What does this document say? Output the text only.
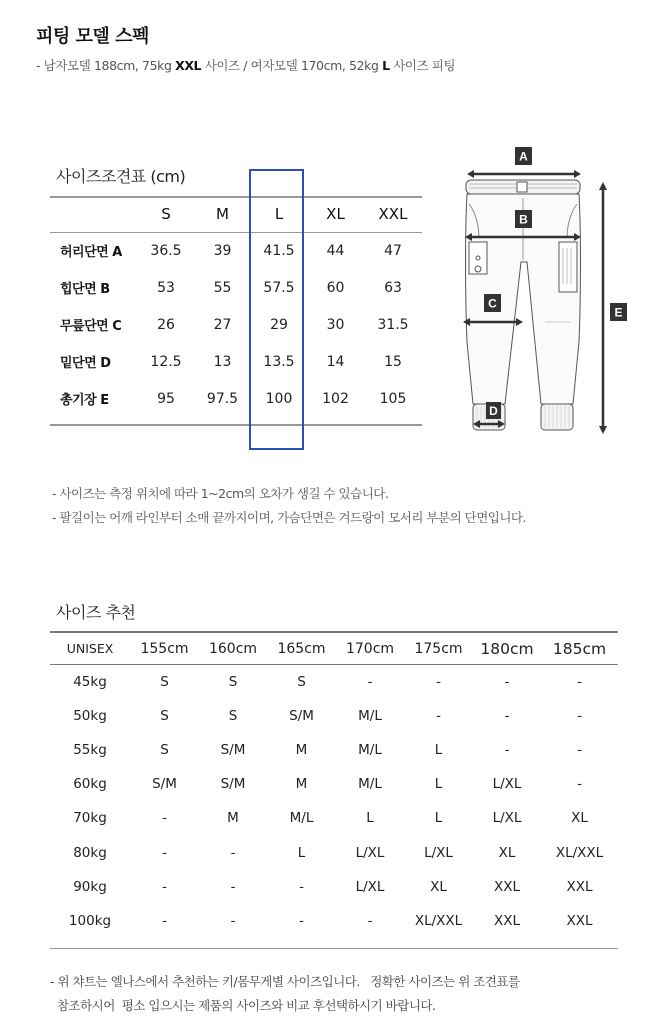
피팅 모델 스펙
- 남자모델 188cm, 75kg XXL 사이즈 / 여자모델 170cm, 52kg L 사이즈 피팅
사이즈조견표 (cm)
	S	M	L	XL	XXL
허리단면 A	36.5	39	41.5	44	47
힙단면 B	53	55	57.5	60	63
무릎단면 C	26	27	29	30	31.5
밑단면 D	12.5	13	13.5	14	15
총기장 E	95	97.5	100	102	105
A
B
C
D
E
- 사이즈는 측정 위치에 따라 1~2cm의 오차가 생길 수 있습니다.
- 팔길이는 어깨 라인부터 소매 끝까지이며, 가슴단면은 겨드랑이 모서리 부분의 단면입니다.
사이즈 추천
UNISEX	155cm	160cm	165cm	170cm	175cm	180cm	185cm
45kg	S	S	S	-	-	-	-
50kg	S	S	S/M	M/L	-	-	-
55kg	S	S/M	M	M/L	L	-	-
60kg	S/M	S/M	M	M/L	L	L/XL	-
70kg	-	M	M/L	L	L	L/XL	XL
80kg	-	-	L	L/XL	L/XL	XL	XL/XXL
90kg	-	-	-	L/XL	XL	XXL	XXL
100kg	-	-	-	-	XL/XXL	XXL	XXL
- 위 챠트는 엘나스에서 추천하는 키/몸무게별 사이즈입니다.   정확한 사이즈는 위 조견표를
참조하시어  평소 입으시는 제품의 사이즈와 비교 후선택하시기 바랍니다.
